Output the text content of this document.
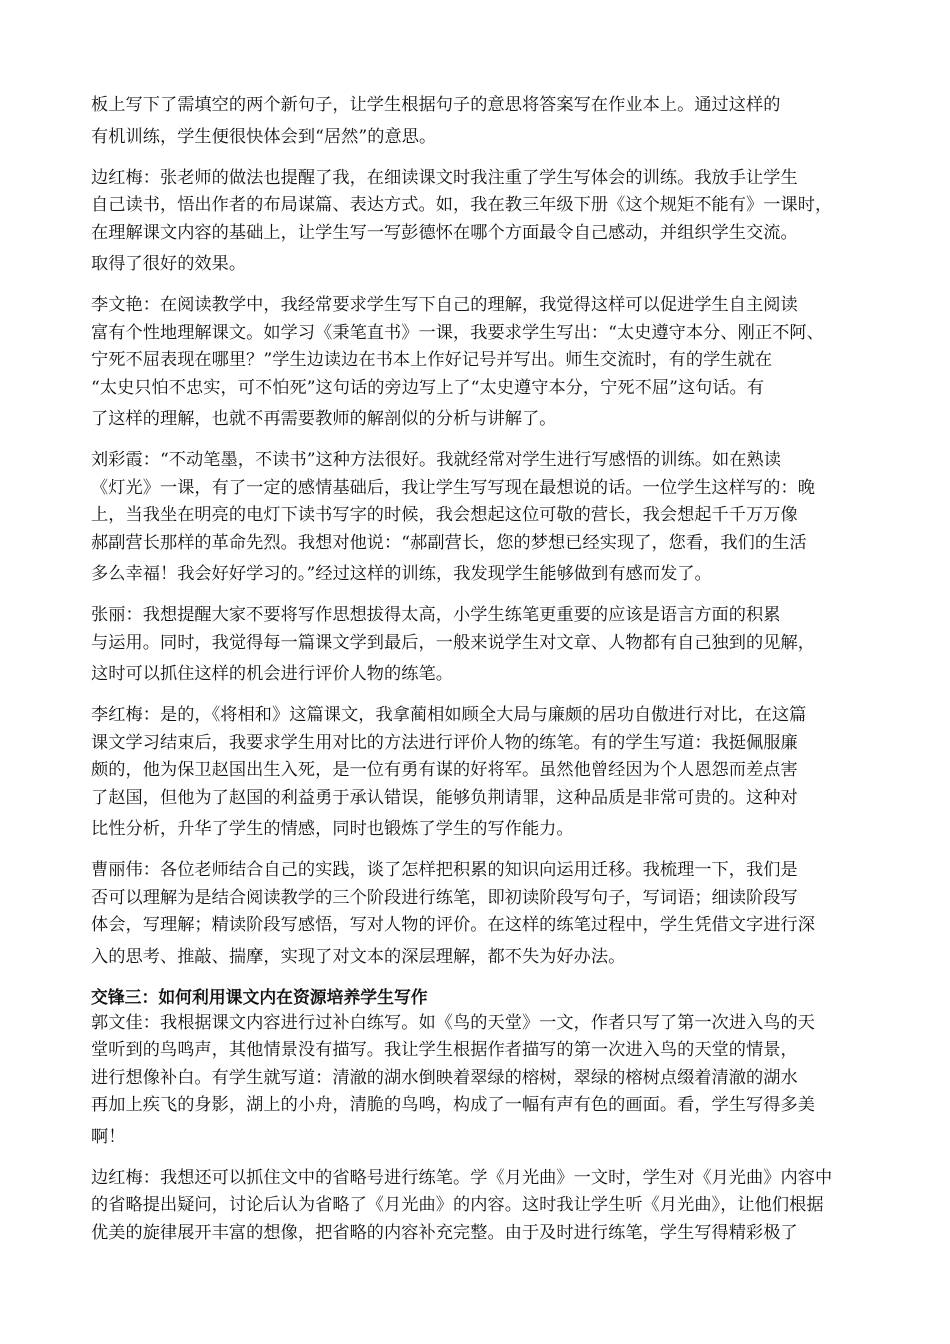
板上写下了需填空的两个新句子，让学生根据句子的意思将答案写在作业本上。通过这样的
有机训练，学生便很快体会到“居然”的意思。

边红梅：张老师的做法也提醒了我，在细读课文时我注重了学生写体会的训练。我放手让学生
自己读书，悟出作者的布局谋篇、表达方式。如，我在教三年级下册《这个规矩不能有》一课时，
在理解课文内容的基础上，让学生写一写彭德怀在哪个方面最令自己感动，并组织学生交流。
取得了很好的效果。

李文艳：在阅读教学中，我经常要求学生写下自己的理解，我觉得这样可以促进学生自主阅读
富有个性地理解课文。如学习《秉笔直书》一课，我要求学生写出：“太史遵守本分、刚正不阿、
宁死不屈表现在哪里？”学生边读边在书本上作好记号并写出。师生交流时，有的学生就在
“太史只怕不忠实，可不怕死”这句话的旁边写上了“太史遵守本分，宁死不屈”这句话。有
了这样的理解，也就不再需要教师的解剖似的分析与讲解了。

刘彩霞：“不动笔墨，不读书”这种方法很好。我就经常对学生进行写感悟的训练。如在熟读
《灯光》一课，有了一定的感情基础后，我让学生写写现在最想说的话。一位学生这样写的：晚
上，当我坐在明亮的电灯下读书写字的时候，我会想起这位可敬的营长，我会想起千千万万像
郝副营长那样的革命先烈。我想对他说：“郝副营长，您的梦想已经实现了，您看，我们的生活
多么幸福！我会好好学习的。”经过这样的训练，我发现学生能够做到有感而发了。

张丽：我想提醒大家不要将写作思想拔得太高，小学生练笔更重要的应该是语言方面的积累
与运用。同时，我觉得每一篇课文学到最后，一般来说学生对文章、人物都有自己独到的见解，
这时可以抓住这样的机会进行评价人物的练笔。

李红梅：是的，《将相和》这篇课文，我拿蔺相如顾全大局与廉颇的居功自傲进行对比，在这篇
课文学习结束后，我要求学生用对比的方法进行评价人物的练笔。有的学生写道：我挺佩服廉
颇的，他为保卫赵国出生入死，是一位有勇有谋的好将军。虽然他曾经因为个人恩怨而差点害
了赵国，但他为了赵国的利益勇于承认错误，能够负荆请罪，这种品质是非常可贵的。这种对
比性分析，升华了学生的情感，同时也锻炼了学生的写作能力。

曹丽伟：各位老师结合自己的实践，谈了怎样把积累的知识向运用迁移。我梳理一下，我们是
否可以理解为是结合阅读教学的三个阶段进行练笔，即初读阶段写句子，写词语；细读阶段写
体会，写理解；精读阶段写感悟，写对人物的评价。在这样的练笔过程中，学生凭借文字进行深
入的思考、推敲、揣摩，实现了对文本的深层理解，都不失为好办法。

交锋三：如何利用课文内在资源培养学生写作

郭文佳：我根据课文内容进行过补白练写。如《鸟的天堂》一文，作者只写了第一次进入鸟的天
堂听到的鸟鸣声，其他情景没有描写。我让学生根据作者描写的第一次进入鸟的天堂的情景，
进行想像补白。有学生就写道：清澈的湖水倒映着翠绿的榕树，翠绿的榕树点缀着清澈的湖水
再加上疾飞的身影，湖上的小舟，清脆的鸟鸣，构成了一幅有声有色的画面。看，学生写得多美
啊！

边红梅：我想还可以抓住文中的省略号进行练笔。学《月光曲》一文时，学生对《月光曲》内容中
的省略提出疑问，讨论后认为省略了《月光曲》的内容。这时我让学生听《月光曲》，让他们根据
优美的旋律展开丰富的想像，把省略的内容补充完整。由于及时进行练笔，学生写得精彩极了
